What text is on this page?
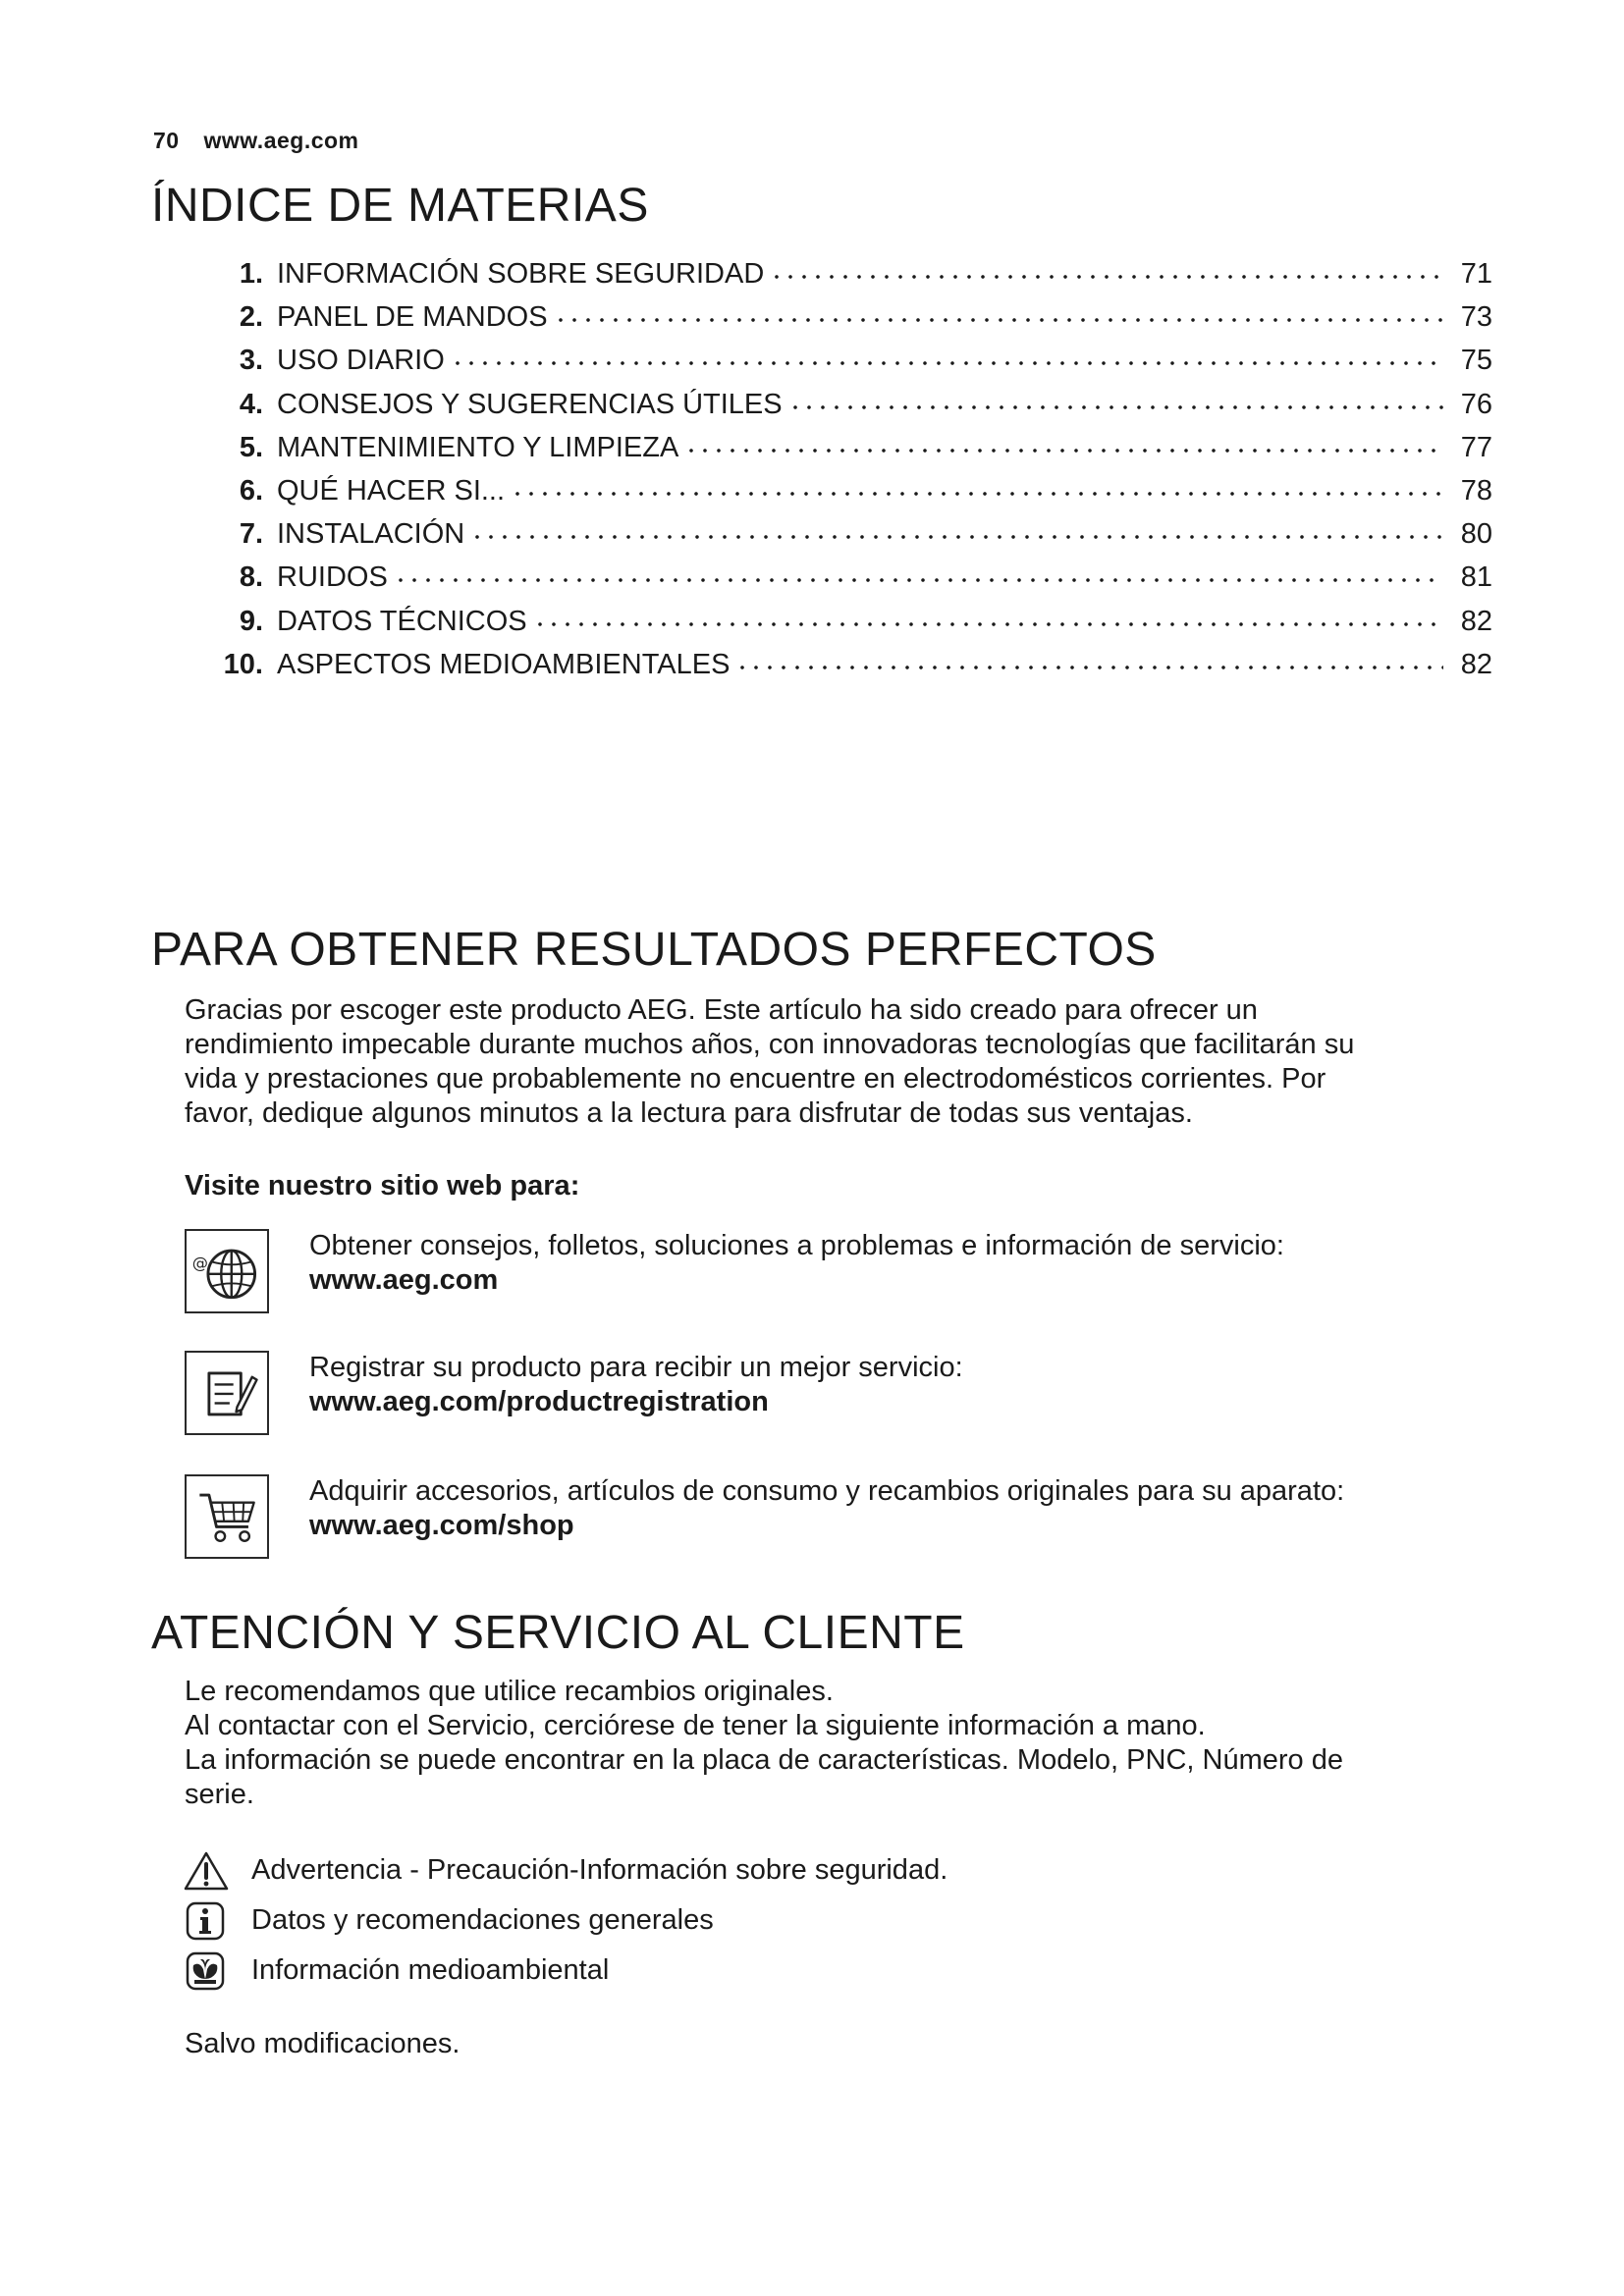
70 www.aeg.com
ÍNDICE DE MATERIAS
1. INFORMACIÓN SOBRE SEGURIDAD	71
2. PANEL DE MANDOS	73
3. USO DIARIO	75
4. CONSEJOS Y SUGERENCIAS ÚTILES	76
5. MANTENIMIENTO Y LIMPIEZA	77
6. QUÉ HACER SI...	78
7. INSTALACIÓN	80
8. RUIDOS	81
9. DATOS TÉCNICOS	82
10. ASPECTOS MEDIOAMBIENTALES	82
PARA OBTENER RESULTADOS PERFECTOS
Gracias por escoger este producto AEG. Este artículo ha sido creado para ofrecer un
rendimiento impecable durante muchos años, con innovadoras tecnologías que facilitarán su
vida y prestaciones que probablemente no encuentre en electrodomésticos corrientes. Por
favor, dedique algunos minutos a la lectura para disfrutar de todas sus ventajas.

Visite nuestro sitio web para:

@
Obtener consejos, folletos, soluciones a problemas e información de servicio:
www.aeg.com
Registrar su producto para recibir un mejor servicio:
www.aeg.com/productregistration
Adquirir accesorios, artículos de consumo y recambios originales para su aparato:
www.aeg.com/shop
ATENCIÓN Y SERVICIO AL CLIENTE
Le recomendamos que utilice recambios originales.
Al contactar con el Servicio, cerciórese de tener la siguiente información a mano.
La información se puede encontrar en la placa de características. Modelo, PNC, Número de
serie.
Advertencia - Precaución-Información sobre seguridad.
Datos y recomendaciones generales
Información medioambiental

Salvo modificaciones.
